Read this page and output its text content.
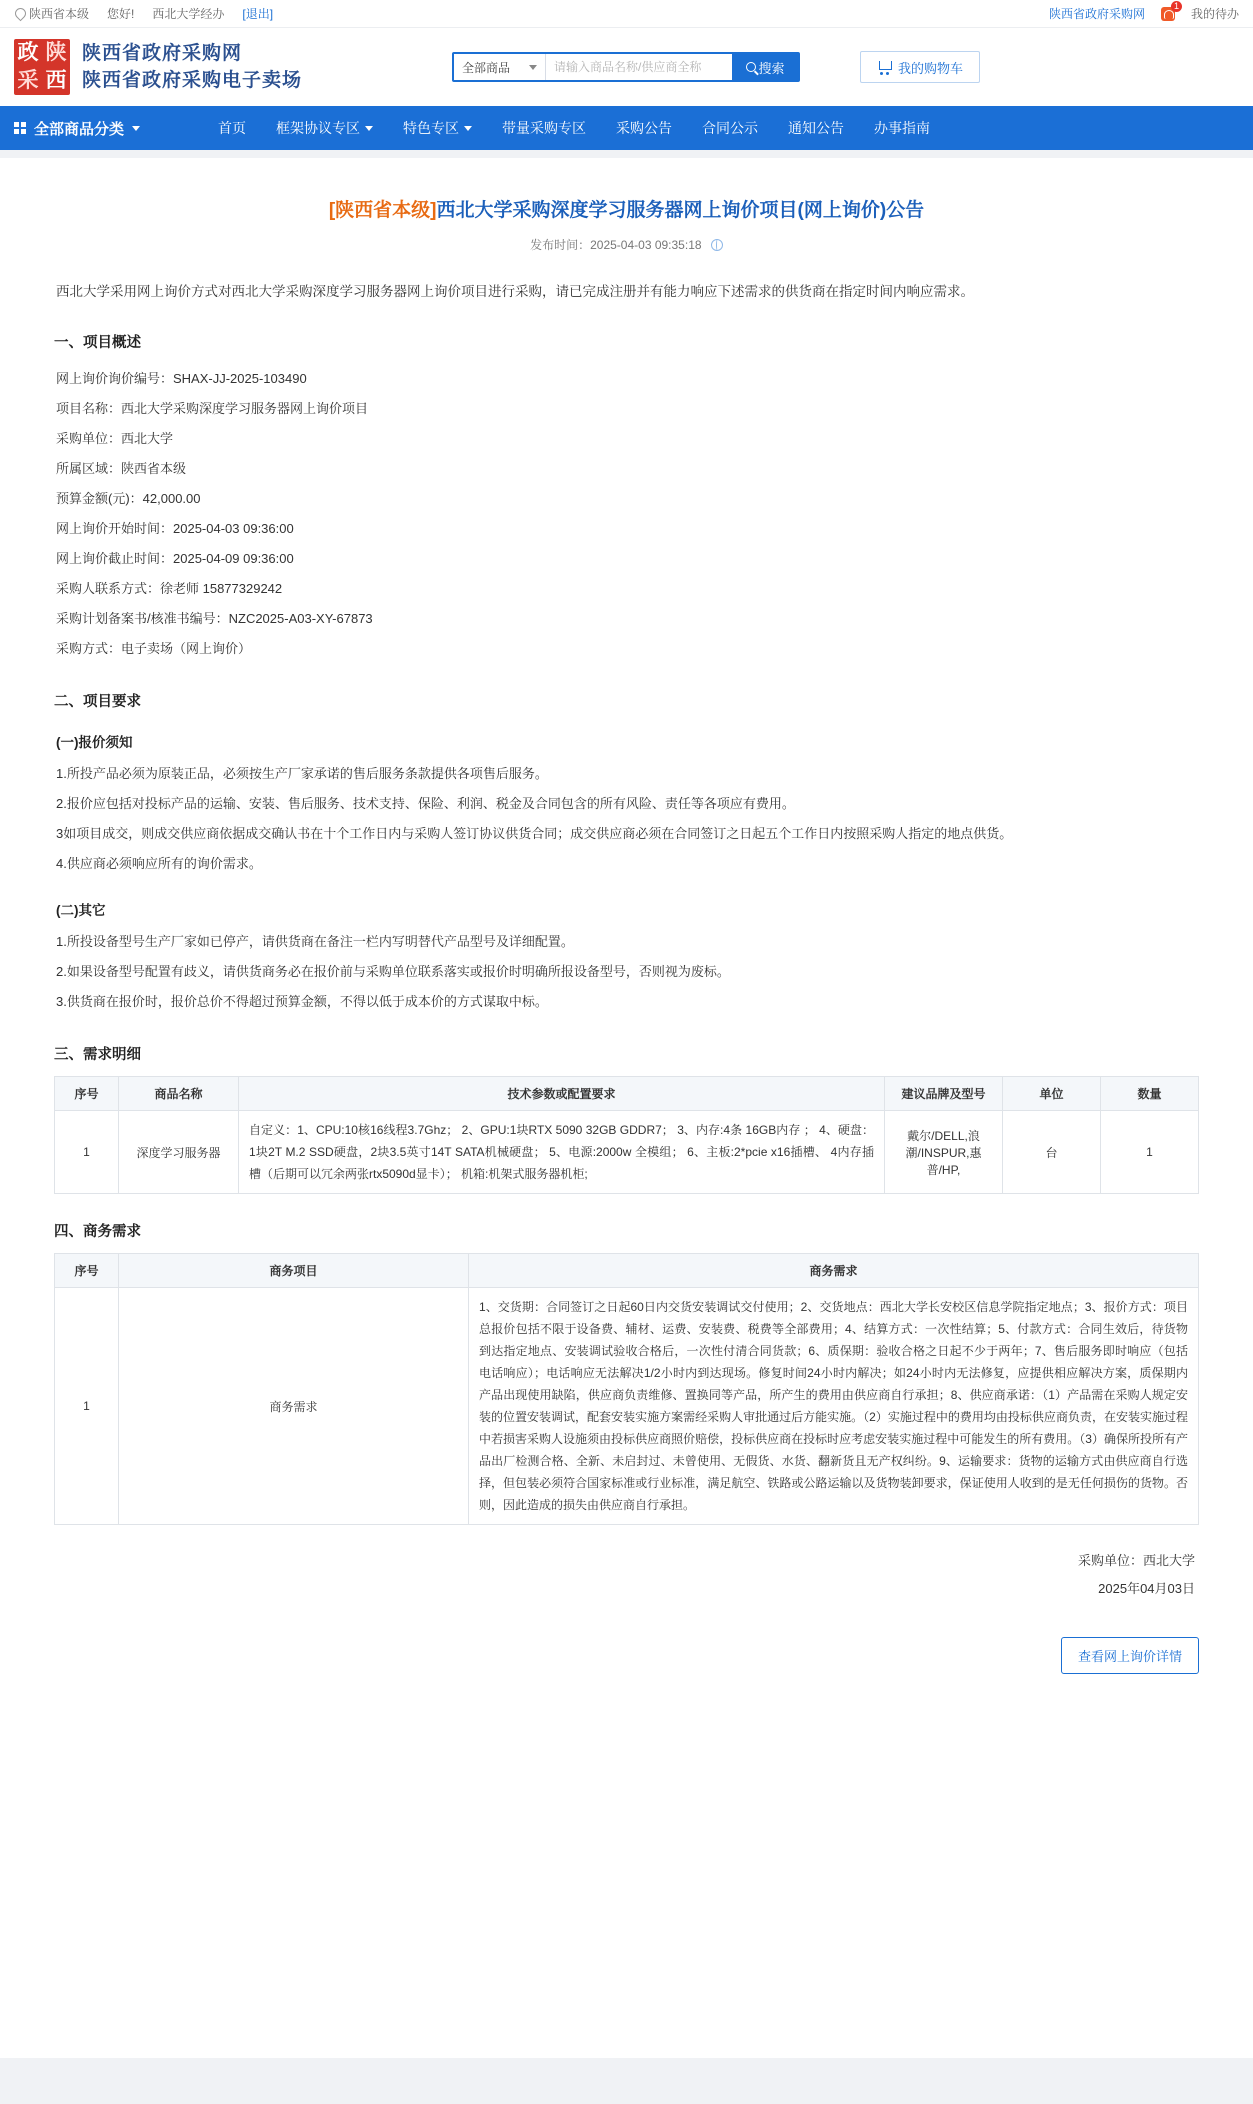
陕西省本级 您好! 西北大学经办 [退出]	陕西省政府采购网
1
我的待办
政 陕
采 西
陕西省政府采购网
陕西省政府采购电子卖场
全部商品
请输入商品名称/供应商全称	搜索	我的购物车
全部商品分类	首页 框架协议专区	特色专区	带量采购专区 采购公告 合同公示 通知公告 办事指南
[陕西省本级]西北大学采购深度学习服务器网上询价项目(网上询价)公告
发布时间：2025-04-03 09:35:18
西北大学采用网上询价方式对西北大学采购深度学习服务器网上询价项目进行采购，请已完成注册并有能力响应下述需求的供货商在指定时间内响应需求。
一、项目概述
网上询价询价编号：SHAX-JJ-2025-103490
项目名称：西北大学采购深度学习服务器网上询价项目
采购单位：西北大学
所属区域：陕西省本级
预算金额(元)：42,000.00
网上询价开始时间：2025-04-03 09:36:00
网上询价截止时间：2025-04-09 09:36:00
采购人联系方式：徐老师 15877329242
采购计划备案书/核准书编号：NZC2025-A03-XY-67873
采购方式：电子卖场（网上询价）
二、项目要求
(一)报价须知
1.所投产品必须为原装正品，必须按生产厂家承诺的售后服务条款提供各项售后服务。
2.报价应包括对投标产品的运输、安装、售后服务、技术支持、保险、利润、税金及合同包含的所有风险、责任等各项应有费用。
3如项目成交，则成交供应商依据成交确认书在十个工作日内与采购人签订协议供货合同；成交供应商必须在合同签订之日起五个工作日内按照采购人指定的地点供货。
4.供应商必须响应所有的询价需求。
(二)其它
1.所投设备型号生产厂家如已停产，请供货商在备注一栏内写明替代产品型号及详细配置。
2.如果设备型号配置有歧义，请供货商务必在报价前与采购单位联系落实或报价时明确所报设备型号，否则视为废标。
3.供货商在报价时，报价总价不得超过预算金额，不得以低于成本价的方式谋取中标。
三、需求明细
序号	商品名称	技术参数或配置要求	建议品牌及型号	单位	数量
1	深度学习服务器	自定义：1、CPU:10核16线程3.7Ghz； 2、GPU:1块RTX 5090 32GB GDDR7； 3、内存:4条 16GB内存 ； 4、硬盘：1块2T M.2 SSD硬盘，2块3.5英寸14T SATA机械硬盘； 5、电源:2000w 全模组； 6、主板:2*pcie x16插槽、 4内存插槽（后期可以冗余两张rtx5090d显卡）； 机箱:机架式服务器机柜;	戴尔/DELL,浪潮/INSPUR,惠普/HP,	台	1
四、商务需求
序号	商务项目	商务需求
1	商务需求	1、交货期：合同签订之日起60日内交货安装调试交付使用；2、交货地点：西北大学长安校区信息学院指定地点；3、报价方式：项目总报价包括不限于设备费、辅材、运费、安装费、税费等全部费用；4、结算方式：一次性结算；5、付款方式：合同生效后，待货物到达指定地点、安装调试验收合格后，一次性付清合同货款；6、质保期：验收合格之日起不少于两年；7、售后服务即时响应（包括电话响应）；电话响应无法解决1/2小时内到达现场。修复时间24小时内解决；如24小时内无法修复，应提供相应解决方案，质保期内产品出现使用缺陷，供应商负责维修、置换同等产品，所产生的费用由供应商自行承担；8、供应商承诺：（1）产品需在采购人规定安装的位置安装调试，配套安装实施方案需经采购人审批通过后方能实施。（2）实施过程中的费用均由投标供应商负责，在安装实施过程中若损害采购人设施须由投标供应商照价赔偿，投标供应商在投标时应考虑安装实施过程中可能发生的所有费用。（3）确保所投所有产品出厂检测合格、全新、未启封过、未曾使用、无假货、水货、翻新货且无产权纠纷。9、运输要求：货物的运输方式由供应商自行选择，但包装必须符合国家标准或行业标准，满足航空、铁路或公路运输以及货物装卸要求，保证使用人收到的是无任何损伤的货物。否则，因此造成的损失由供应商自行承担。
采购单位：西北大学
2025年04月03日
查看网上询价详情
